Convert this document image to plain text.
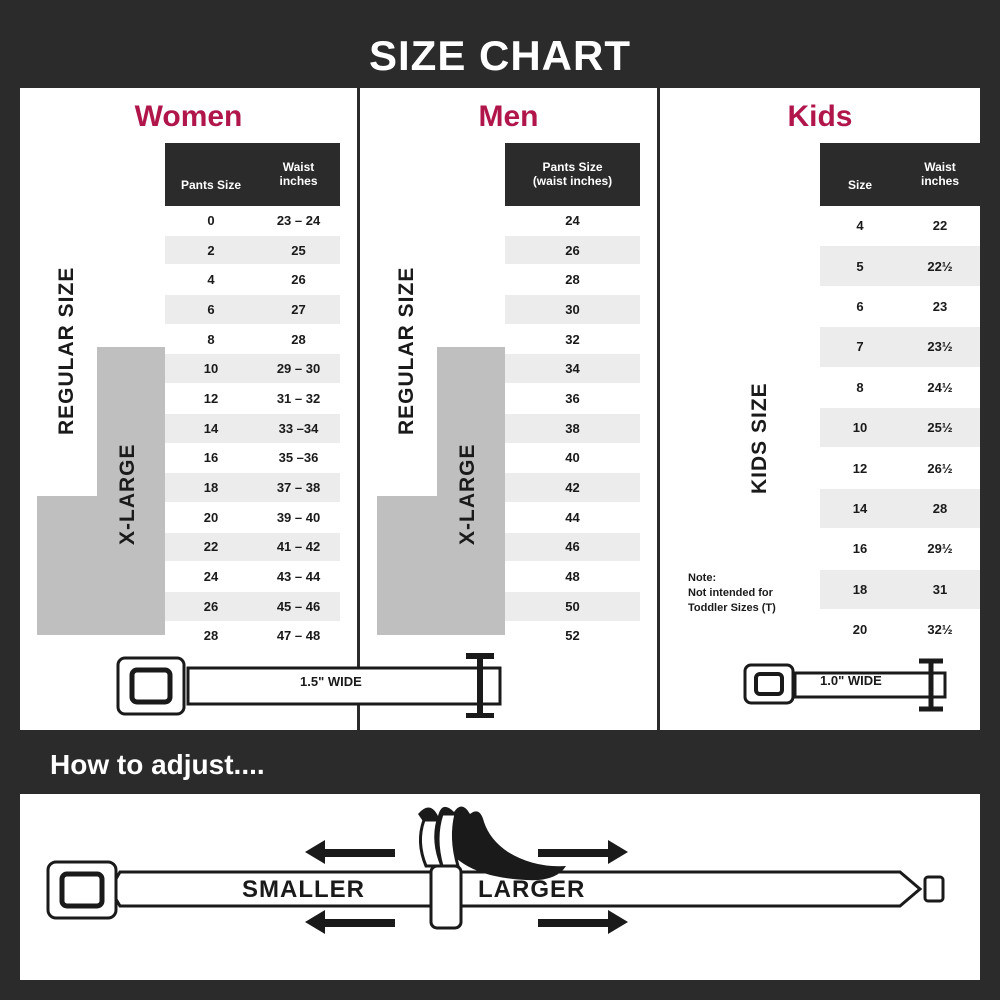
SIZE CHART
Women	Men	Kids
REGULAR SIZE
X-LARGE
Pants Size
Waist
inches
0	23 – 24
2	25
4	26
6	27
8	28
10	29 – 30
12	31 – 32
14	33 –34
16	35 –36
18	37 – 38
20	39 – 40
22	41 – 42
24	43 – 44
26	45 – 46
28	47 – 48
REGULAR SIZE
X-LARGE
Pants Size
(waist inches)
24
26
28
30
32
34
36
38
40
42
44
46
48
50
52
KIDS SIZE
Note:
Not intended for
Toddler Sizes (T)
Size
Waist
inches
4	22
5	22½
6	23
7	23½
8	24½
10	25½
12	26½
14	28
16	29½
18	31
20	32½
1.5" WIDE	1.0" WIDE
How to adjust....
SMALLER	LARGER
